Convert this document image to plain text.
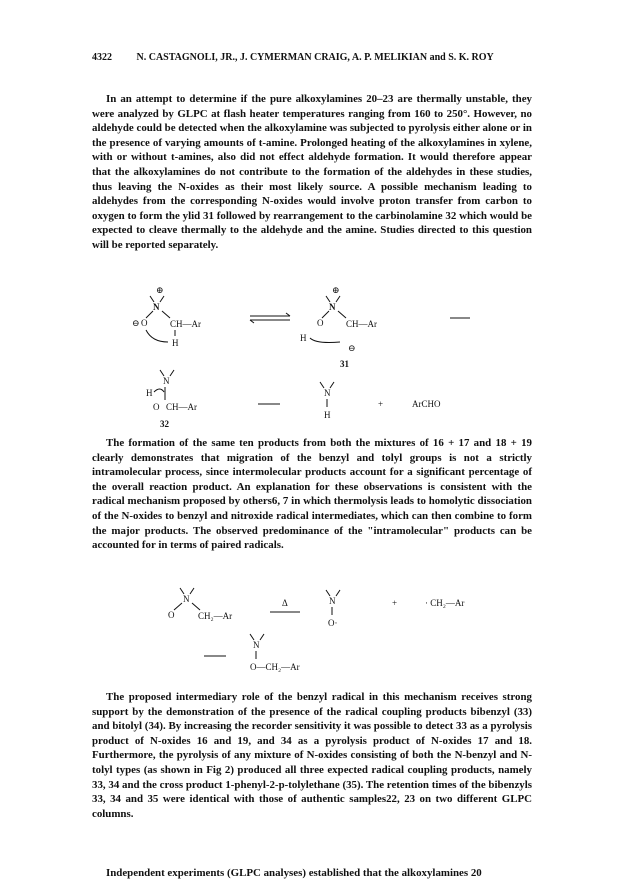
4322 N. CASTAGNOLI, JR., J. CYMERMAN CRAIG, A. P. MELIKIAN and S. K. ROY
In an attempt to determine if the pure alkoxylamines 20–23 are thermally unstable, they were analyzed by GLPC at flash heater temperatures ranging from 160 to 250°. However, no aldehyde could be detected when the alkoxylamine was subjected to pyrolysis either alone or in the presence of varying amounts of t-amine. Prolonged heating of the alkoxylamines in xylene, with or without t-amines, also did not effect aldehyde formation. It would therefore appear that the alkoxylamines do not contribute to the formation of the aldehydes in these studies, thus leaving the N-oxides as their most likely source. A possible mechanism leading to aldehydes from the corresponding N-oxides would involve proton transfer from carbon to oxygen to form the ylid 31 followed by rearrangement to the carbinolamine 32 which would be expected to cleave thermally to the aldehyde and the amine. Studies directed to this question will be reported separately.
⊕
N
⊖ O	CH—Ar
H
⊕
N
O	CH—Ar
H
⊖
31
N
H
O CH—Ar
32
N
H
+	ArCHO
The formation of the same ten products from both the mixtures of 16 + 17 and 18 + 19 clearly demonstrates that migration of the benzyl and tolyl groups is not a strictly intramolecular process, since intermolecular products account for a significant percentage of the overall reaction product. An explanation for these observations is consistent with the radical mechanism proposed by others6, 7 in which thermolysis leads to homolytic dissociation of the N-oxides to benzyl and nitroxide radical intermediates, which can then combine to form the major products. The observed predominance of the "intramolecular" products can be accounted for in terms of paired radicals.
N
O	CH₂—Ar
Δ	N
O·
+	· CH₂—Ar
N
O—CH₂—Ar
The proposed intermediary role of the benzyl radical in this mechanism receives strong support by the demonstration of the presence of the radical coupling products bibenzyl (33) and bitolyl (34). By increasing the recorder sensitivity it was possible to detect 33 as a pyrolysis product of N-oxides 16 and 19, and 34 as a pyrolysis product of N-oxides 17 and 18. Furthermore, the pyrolysis of any mixture of N-oxides consisting of both the N-benzyl and N-tolyl types (as shown in Fig 2) produced all three expected radical coupling products, namely 33, 34 and the cross product 1-phenyl-2-p-tolylethane (35). The retention times of the bibenzyls 33, 34 and 35 were identical with those of authentic samples22, 23 on two different GLPC columns.
Independent experiments (GLPC analyses) established that the alkoxylamines 20
